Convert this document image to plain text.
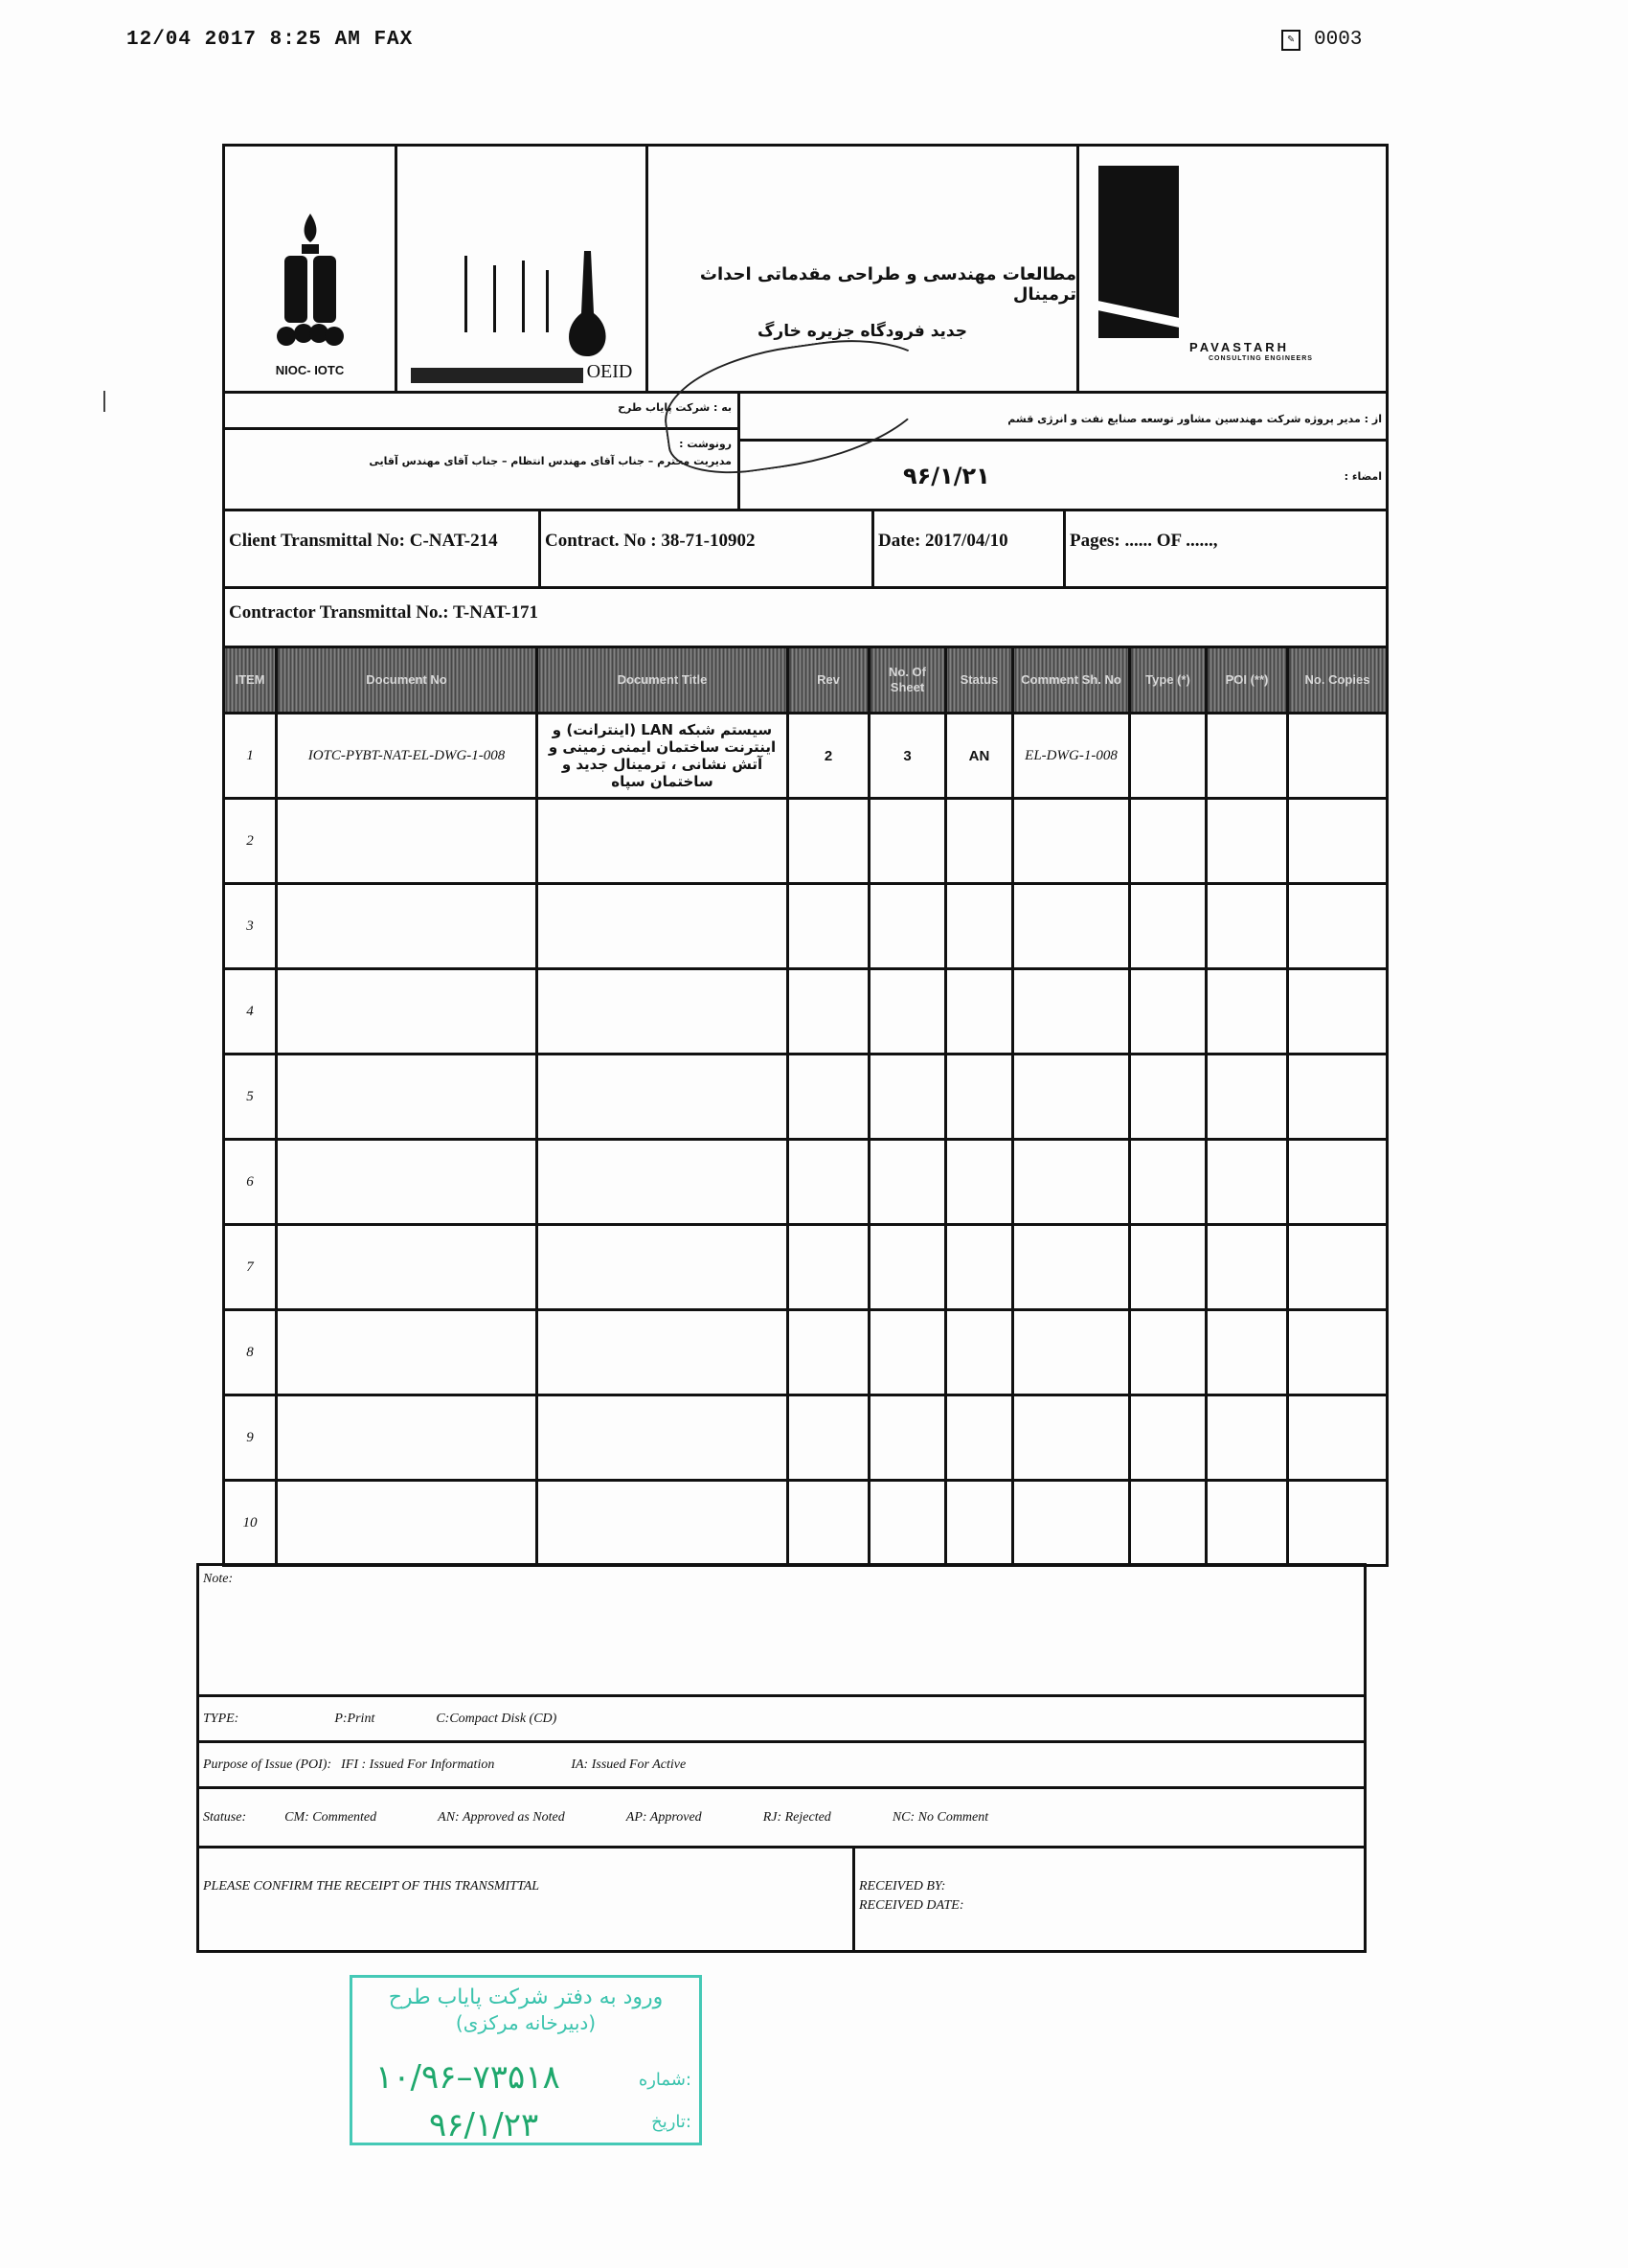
12/04 2017 8:25 AM FAX	✎ 0003
NIOC- IOTC	OEID
مطالعات مهندسی و طراحی مقدماتی احداث ترمینال
جدید فرودگاه جزیره خارگ
PAVASTARH
CONSULTING ENGINEERS
به : شرکت پایاب طرح
رونوشت :
مدیریت محترم – جناب آقای مهندس انتظام – جناب آقای مهندس آقایی
از : مدیر پروژه شرکت مهندسین مشاور توسعه صنایع نفت و انرژی قشم
امضاء :
۹۶/۱/۲۱
Client Transmittal No: C-NAT-214	Contract. No : 38-71-10902	Date: 2017/04/10	Pages: ...... OF ......,
Contractor Transmittal No.: T-NAT-171
ITEM	Document No	Document Title	Rev	No. Of Sheet	Status	Comment Sh. No	Type (*)	POI (**)	No. Copies
1	IOTC-PYBT-NAT-EL-DWG-1-008	سیستم شبکه LAN (اینترانت) و اینترنت ساختمان ایمنی زمینی و آتش نشانی ، ترمینال جدید و ساختمان سپاه	2	3	AN	EL-DWG-1-008			
2									
3									
4									
5									
6									
7									
8									
9									
10									
Note:
TYPE:	P:Print	C:Compact Disk (CD)
Purpose of Issue (POI): IFI : Issued For Information	IA: Issued For Active
Statuse:	CM: Commented	AN: Approved as Noted	AP: Approved	RJ: Rejected	NC: No Comment
PLEASE CONFIRM THE RECEIPT OF THIS TRANSMITTAL	RECEIVED BY:
RECEIVED DATE:
ورود به دفتر شرکت پایاب طرح
(دبیرخانه مرکزی)
شماره:
۱۰/۹۶–۷۳۵۱۸
تاریخ:
۹۶/۱/۲۳
